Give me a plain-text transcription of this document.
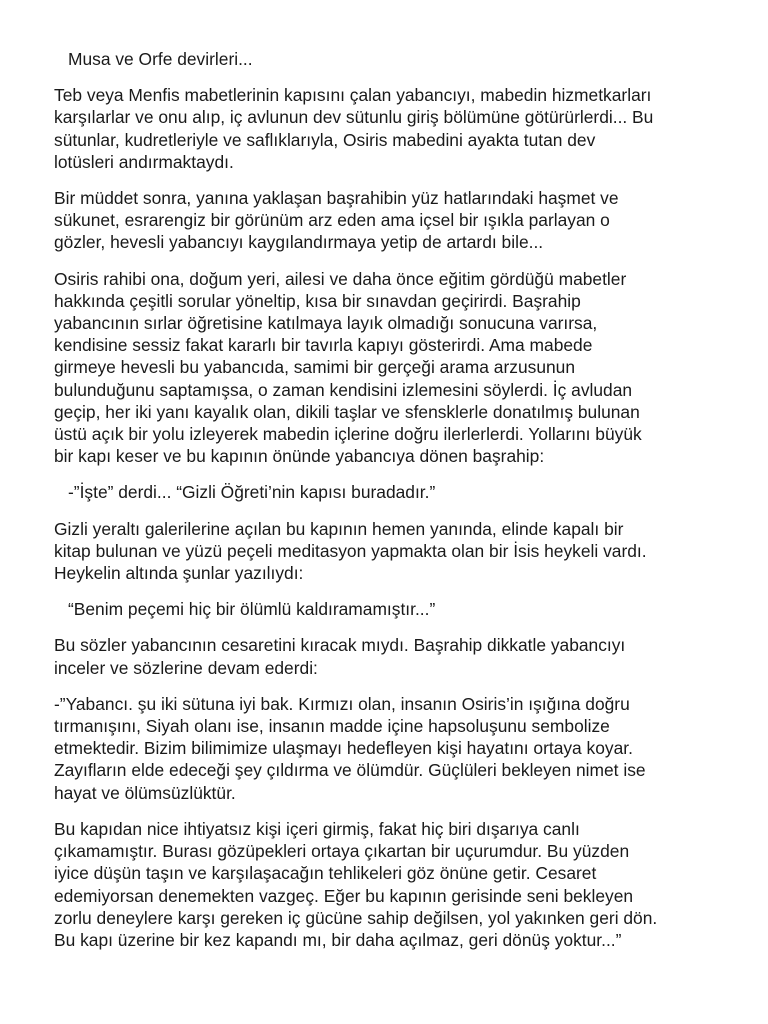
Musa ve Orfe devirleri...

Teb veya Menfis mabetlerinin kapısını çalan yabancıyı, mabedin hizmetkarları
karşılarlar ve onu alıp, iç avlunun dev sütunlu giriş bölümüne götürürlerdi... Bu
sütunlar, kudretleriyle ve saflıklarıyla, Osiris mabedini ayakta tutan dev
lotüsleri andırmaktaydı.

Bir müddet sonra, yanına yaklaşan başrahibin yüz hatlarındaki haşmet ve
sükunet, esrarengiz bir görünüm arz eden ama içsel bir ışıkla parlayan o
gözler, hevesli yabancıyı kaygılandırmaya yetip de artardı bile...

Osiris rahibi ona, doğum yeri, ailesi ve daha önce eğitim gördüğü mabetler
hakkında çeşitli sorular yöneltip, kısa bir sınavdan geçirirdi. Başrahip
yabancının sırlar öğretisine katılmaya layık olmadığı sonucuna varırsa,
kendisine sessiz fakat kararlı bir tavırla kapıyı gösterirdi. Ama mabede
girmeye hevesli bu yabancıda, samimi bir gerçeği arama arzusunun
bulunduğunu saptamışsa, o zaman kendisini izlemesini söylerdi. İç avludan
geçip, her iki yanı kayalık olan, dikili taşlar ve sfensklerle donatılmış bulunan
üstü açık bir yolu izleyerek mabedin içlerine doğru ilerlerlerdi. Yollarını büyük
bir kapı keser ve bu kapının önünde yabancıya dönen başrahip:

-”İşte” derdi... “Gizli Öğreti’nin kapısı buradadır.”

Gizli yeraltı galerilerine açılan bu kapının hemen yanında, elinde kapalı bir
kitap bulunan ve yüzü peçeli meditasyon yapmakta olan bir İsis heykeli vardı.
Heykelin altında şunlar yazılıydı:

“Benim peçemi hiç bir ölümlü kaldıramamıştır...”

Bu sözler yabancının cesaretini kıracak mıydı. Başrahip dikkatle yabancıyı
inceler ve sözlerine devam ederdi:

-”Yabancı. şu iki sütuna iyi bak. Kırmızı olan, insanın Osiris’in ışığına doğru
tırmanışını, Siyah olanı ise, insanın madde içine hapsoluşunu sembolize
etmektedir. Bizim bilimimize ulaşmayı hedefleyen kişi hayatını ortaya koyar.
Zayıfların elde edeceği şey çıldırma ve ölümdür. Güçlüleri bekleyen nimet ise
hayat ve ölümsüzlüktür.

Bu kapıdan nice ihtiyatsız kişi içeri girmiş, fakat hiç biri dışarıya canlı
çıkamamıştır. Burası gözüpekleri ortaya çıkartan bir uçurumdur. Bu yüzden
iyice düşün taşın ve karşılaşacağın tehlikeleri göz önüne getir. Cesaret
edemiyorsan denemekten vazgeç. Eğer bu kapının gerisinde seni bekleyen
zorlu deneylere karşı gereken iç gücüne sahip değilsen, yol yakınken geri dön.
Bu kapı üzerine bir kez kapandı mı, bir daha açılmaz, geri dönüş yoktur...”
